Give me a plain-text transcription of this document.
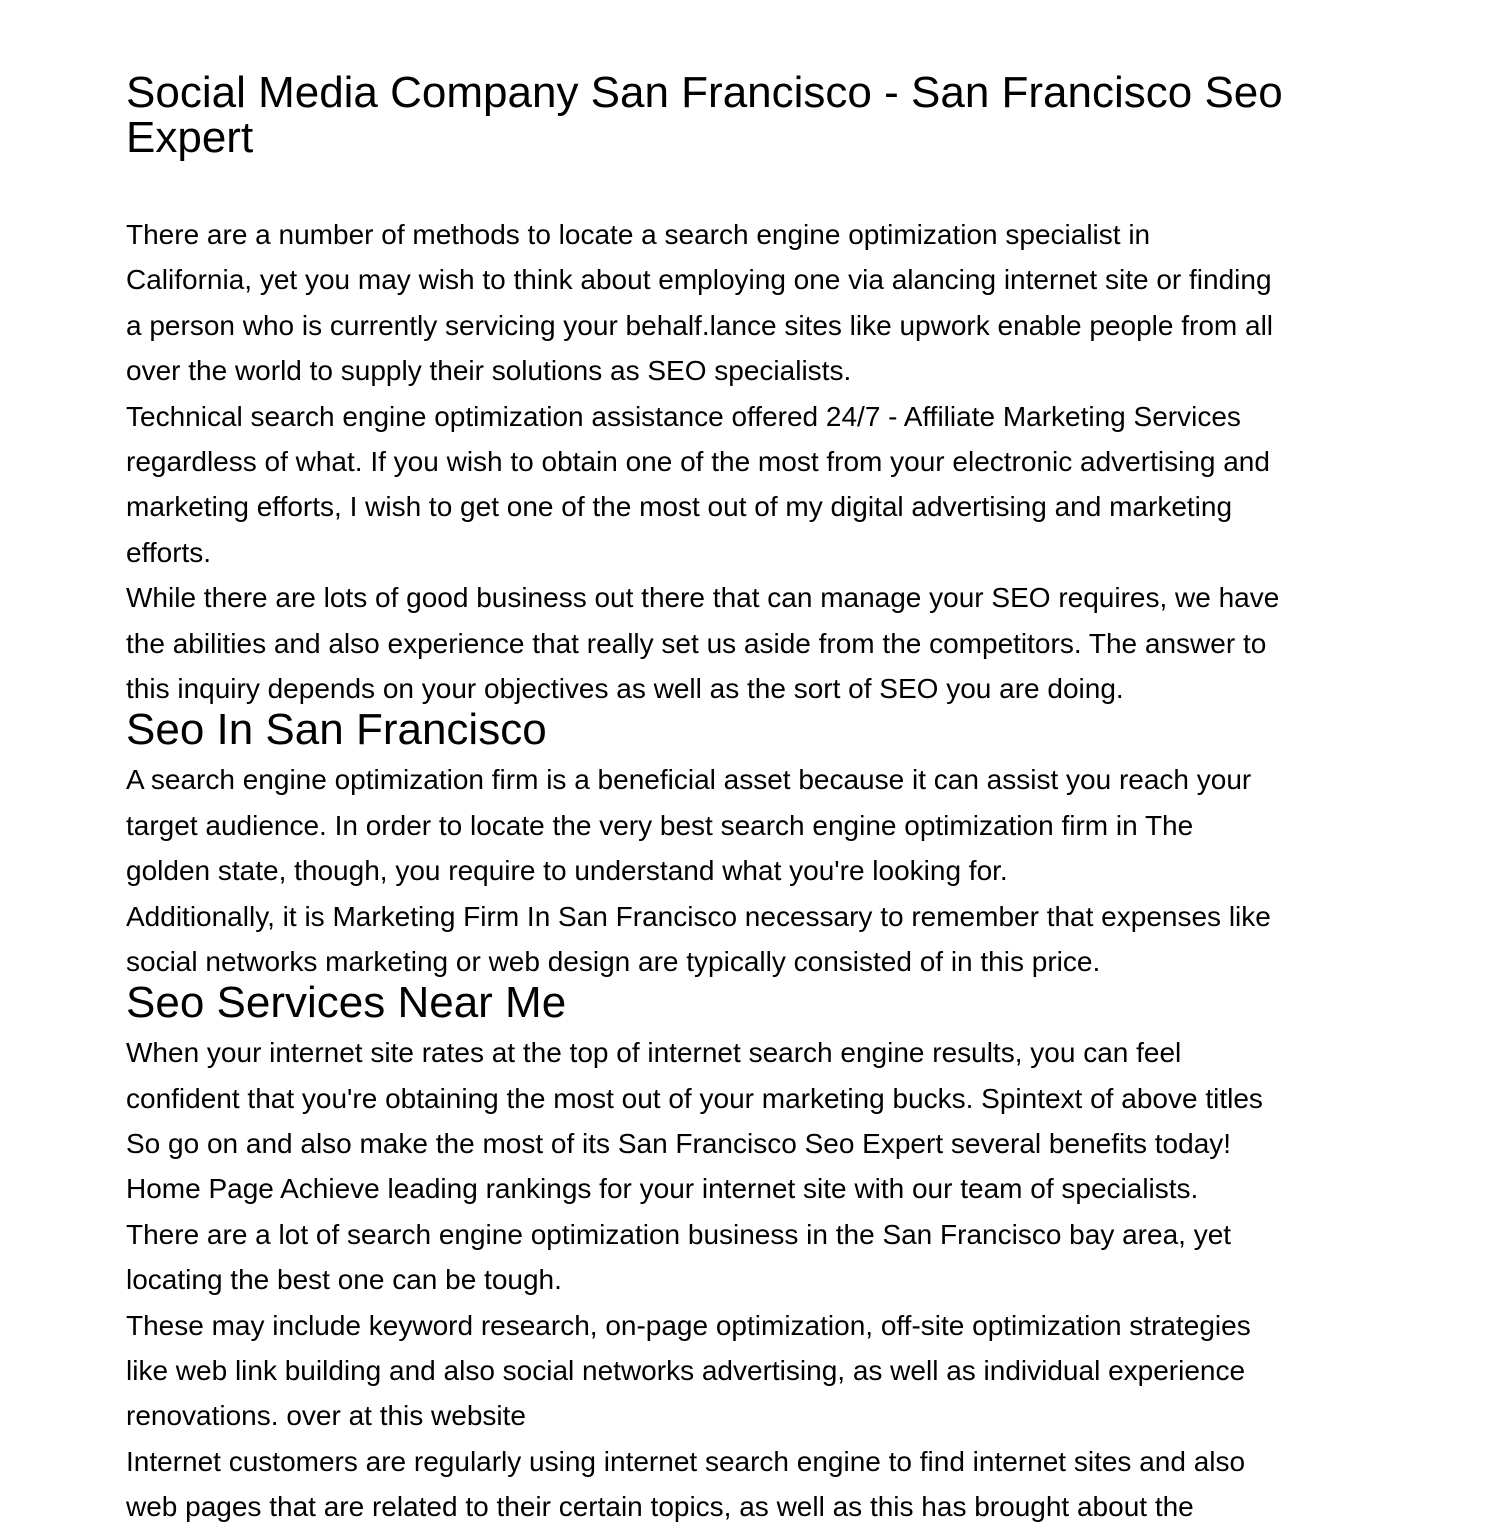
Social Media Company San Francisco - San Francisco Seo Expert
There are a number of methods to locate a search engine optimization specialist in
California, yet you may wish to think about employing one via alancing internet site or finding
a person who is currently servicing your behalf.lance sites like upwork enable people from all
over the world to supply their solutions as SEO specialists.
Technical search engine optimization assistance offered 24/7 - Affiliate Marketing Services
regardless of what. If you wish to obtain one of the most from your electronic advertising and
marketing efforts, I wish to get one of the most out of my digital advertising and marketing
efforts.
While there are lots of good business out there that can manage your SEO requires, we have
the abilities and also experience that really set us aside from the competitors. The answer to
this inquiry depends on your objectives as well as the sort of SEO you are doing.
Seo In San Francisco
A search engine optimization firm is a beneficial asset because it can assist you reach your
target audience. In order to locate the very best search engine optimization firm in The
golden state, though, you require to understand what you're looking for.
Additionally, it is Marketing Firm In San Francisco necessary to remember that expenses like
social networks marketing or web design are typically consisted of in this price.
Seo Services Near Me
When your internet site rates at the top of internet search engine results, you can feel
confident that you're obtaining the most out of your marketing bucks. Spintext of above titles
So go on and also make the most of its San Francisco Seo Expert several benefits today!
Home Page Achieve leading rankings for your internet site with our team of specialists.
There are a lot of search engine optimization business in the San Francisco bay area, yet
locating the best one can be tough.
These may include keyword research, on-page optimization, off-site optimization strategies
like web link building and also social networks advertising, as well as individual experience
renovations. over at this website
Internet customers are regularly using internet search engine to find internet sites and also
web pages that are related to their certain topics, as well as this has brought about the
